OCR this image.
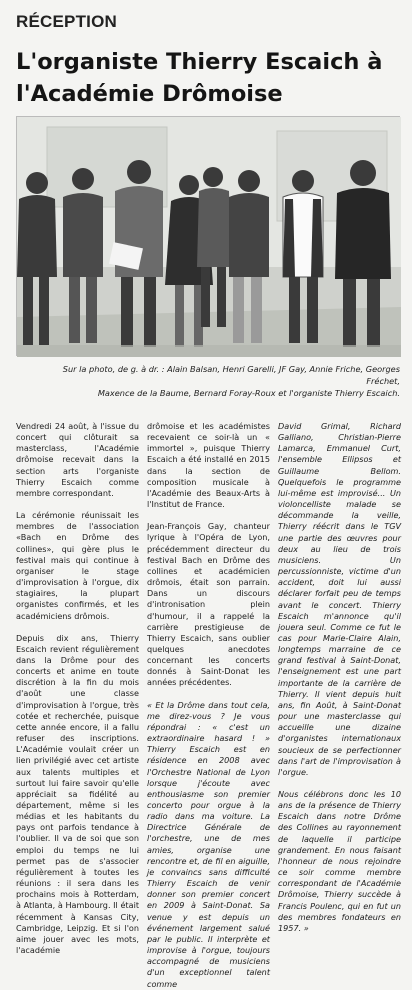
RÉCEPTION
L'organiste Thierry Escaich à l'Académie Drômoise
Sur la photo, de g. à dr. : Alain Balsan, Henri Garelli, JF Gay, Annie Friche, Georges Fréchet,
Maxence de la Baume, Bernard Foray-Roux et l'organiste Thierry Escaich.

Vendredi 24 août, à l'issue du concert qui clôturait sa masterclass, l'Académie drômoise recevait dans la section arts l'organiste Thierry Escaich comme membre correspondant.

La cérémonie réunissait les membres de l'association «Bach en Drôme des collines», qui gère plus le festival mais qui continue à organiser le stage d'improvisation à l'orgue, dix stagiaires, la plupart organistes confirmés, et les académiciens drômois.

Depuis dix ans, Thierry Escaich revient régulièrement dans la Drôme pour des concerts et anime en toute discrétion à la fin du mois d'août une classe d'improvisation à l'orgue, très cotée et recherchée, puisque cette année encore, il a fallu refuser des inscriptions. L'Académie voulait créer un lien privilégié avec cet artiste aux talents multiples et surtout lui faire savoir qu'elle appréciait sa fidélité au département, même si les médias et les habitants du pays ont parfois tendance à l'oublier. Il va de soi que son emploi du temps ne lui permet pas de s'associer régulièrement à toutes les réunions : il sera dans les prochains mois à Rotterdam, à Atlanta, à Hambourg. Il était récemment à Kansas City, Cambridge, Leipzig. Et si l'on aime jouer avec les mots, l'académie

drômoise et les académistes recevaient ce soir-là un « immortel », puisque Thierry Escaich a été installé en 2015 dans la section de composition musicale à l'Académie des Beaux-Arts à l'Institut de France.

Jean-François Gay, chanteur lyrique à l'Opéra de Lyon, précédemment directeur du festival Bach en Drôme des collines et académicien drômois, était son parrain. Dans un discours d'intronisation plein d'humour, il a rappelé la carrière prestigieuse de Thierry Escaich, sans oublier quelques anecdotes concernant les concerts donnés à Saint-Donat les années précédentes.

« Et la Drôme dans tout cela, me direz-vous ? Je vous répondrai : « c'est un extraordinaire hasard ! » Thierry Escaich est en résidence en 2008 avec l'Orchestre National de Lyon lorsque j'écoute avec enthousiasme son premier concerto pour orgue à la radio dans ma voiture. La Directrice Générale de l'orchestre, une de mes amies, organise une rencontre et, de fil en aiguille, je convaincs sans difficulté Thierry Escaich de venir donner son premier concert en 2009 à Saint-Donat. Sa venue y est depuis un événement largement salué par le public. Il interprète et improvise à l'orgue, toujours accompagné de musiciens d'un exceptionnel talent comme

David Grimal, Richard Galliano, Christian-Pierre Lamarca, Emmanuel Curt, l'ensemble Ellipsos et Guillaume Bellom. Quelquefois le programme lui-même est improvisé... Un violoncelliste malade se décommande la veille, Thierry réécrit dans le TGV une partie des œuvres pour deux au lieu de trois musiciens. Un percussionniste, victime d'un accident, doit lui aussi déclarer forfait peu de temps avant le concert. Thierry Escaich m'annonce qu'il jouera seul. Comme ce fut le cas pour Marie-Claire Alain, longtemps marraine de ce grand festival à Saint-Donat, l'enseignement est une part importante de la carrière de Thierry. Il vient depuis huit ans, fin Août, à Saint-Donat pour une masterclasse qui accueille une dizaine d'organistes internationaux soucieux de se perfectionner dans l'art de l'improvisation à l'orgue.

Nous célébrons donc les 10 ans de la présence de Thierry Escaich dans notre Drôme des Collines au rayonnement de laquelle il participe grandement. En nous faisant l'honneur de nous rejoindre ce soir comme membre correspondant de l'Académie Drômoise, Thierry succède à Francis Poulenc, qui en fut un des membres fondateurs en 1957. »
